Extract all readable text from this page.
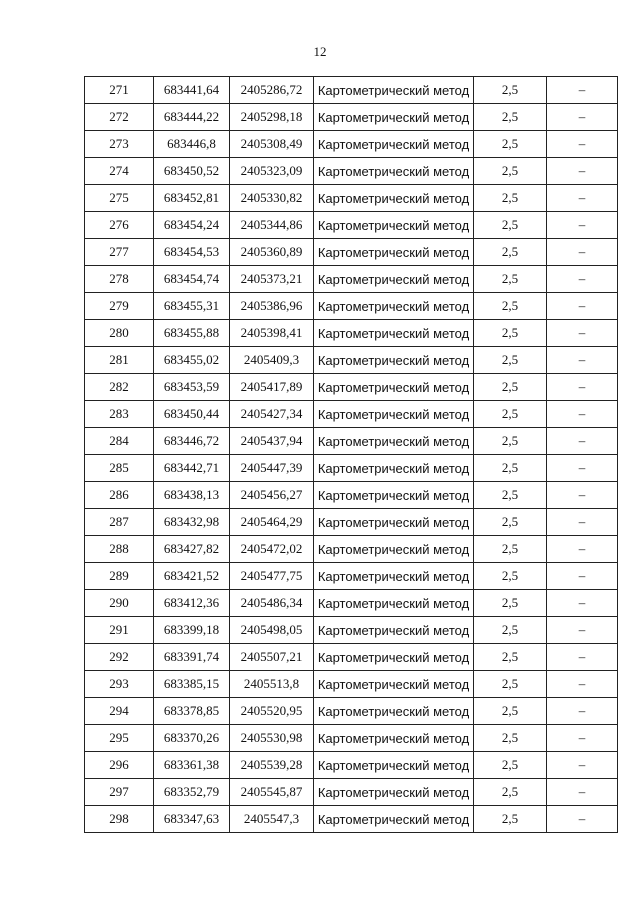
12
271	683441,64	2405286,72	Картометрический метод	2,5	–
272	683444,22	2405298,18	Картометрический метод	2,5	–
273	683446,8	2405308,49	Картометрический метод	2,5	–
274	683450,52	2405323,09	Картометрический метод	2,5	–
275	683452,81	2405330,82	Картометрический метод	2,5	–
276	683454,24	2405344,86	Картометрический метод	2,5	–
277	683454,53	2405360,89	Картометрический метод	2,5	–
278	683454,74	2405373,21	Картометрический метод	2,5	–
279	683455,31	2405386,96	Картометрический метод	2,5	–
280	683455,88	2405398,41	Картометрический метод	2,5	–
281	683455,02	2405409,3	Картометрический метод	2,5	–
282	683453,59	2405417,89	Картометрический метод	2,5	–
283	683450,44	2405427,34	Картометрический метод	2,5	–
284	683446,72	2405437,94	Картометрический метод	2,5	–
285	683442,71	2405447,39	Картометрический метод	2,5	–
286	683438,13	2405456,27	Картометрический метод	2,5	–
287	683432,98	2405464,29	Картометрический метод	2,5	–
288	683427,82	2405472,02	Картометрический метод	2,5	–
289	683421,52	2405477,75	Картометрический метод	2,5	–
290	683412,36	2405486,34	Картометрический метод	2,5	–
291	683399,18	2405498,05	Картометрический метод	2,5	–
292	683391,74	2405507,21	Картометрический метод	2,5	–
293	683385,15	2405513,8	Картометрический метод	2,5	–
294	683378,85	2405520,95	Картометрический метод	2,5	–
295	683370,26	2405530,98	Картометрический метод	2,5	–
296	683361,38	2405539,28	Картометрический метод	2,5	–
297	683352,79	2405545,87	Картометрический метод	2,5	–
298	683347,63	2405547,3	Картометрический метод	2,5	–
